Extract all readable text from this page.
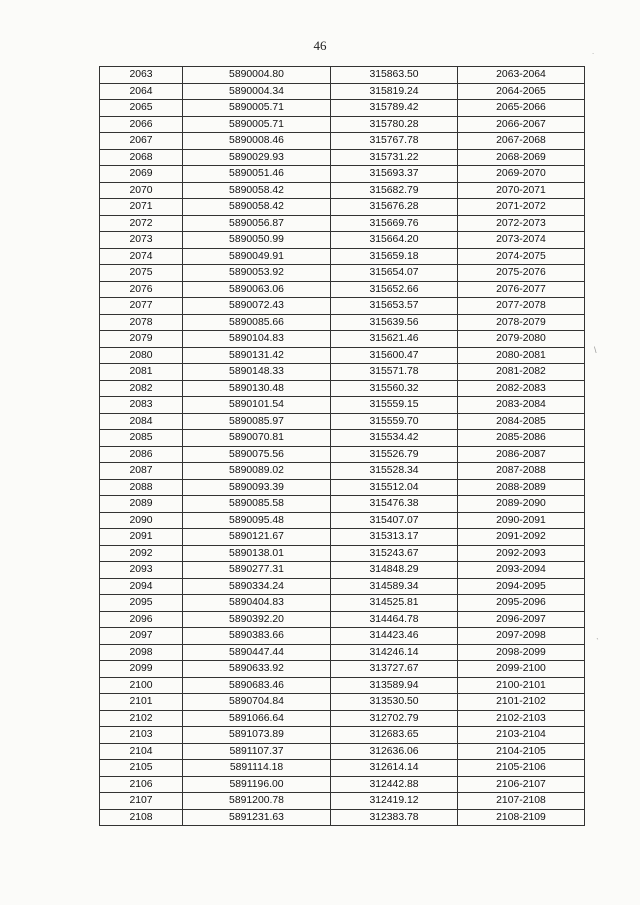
46
˙
\
ˋ
2063	5890004.80	315863.50	2063-2064
2064	5890004.34	315819.24	2064-2065
2065	5890005.71	315789.42	2065-2066
2066	5890005.71	315780.28	2066-2067
2067	5890008.46	315767.78	2067-2068
2068	5890029.93	315731.22	2068-2069
2069	5890051.46	315693.37	2069-2070
2070	5890058.42	315682.79	2070-2071
2071	5890058.42	315676.28	2071-2072
2072	5890056.87	315669.76	2072-2073
2073	5890050.99	315664.20	2073-2074
2074	5890049.91	315659.18	2074-2075
2075	5890053.92	315654.07	2075-2076
2076	5890063.06	315652.66	2076-2077
2077	5890072.43	315653.57	2077-2078
2078	5890085.66	315639.56	2078-2079
2079	5890104.83	315621.46	2079-2080
2080	5890131.42	315600.47	2080-2081
2081	5890148.33	315571.78	2081-2082
2082	5890130.48	315560.32	2082-2083
2083	5890101.54	315559.15	2083-2084
2084	5890085.97	315559.70	2084-2085
2085	5890070.81	315534.42	2085-2086
2086	5890075.56	315526.79	2086-2087
2087	5890089.02	315528.34	2087-2088
2088	5890093.39	315512.04	2088-2089
2089	5890085.58	315476.38	2089-2090
2090	5890095.48	315407.07	2090-2091
2091	5890121.67	315313.17	2091-2092
2092	5890138.01	315243.67	2092-2093
2093	5890277.31	314848.29	2093-2094
2094	5890334.24	314589.34	2094-2095
2095	5890404.83	314525.81	2095-2096
2096	5890392.20	314464.78	2096-2097
2097	5890383.66	314423.46	2097-2098
2098	5890447.44	314246.14	2098-2099
2099	5890633.92	313727.67	2099-2100
2100	5890683.46	313589.94	2100-2101
2101	5890704.84	313530.50	2101-2102
2102	5891066.64	312702.79	2102-2103
2103	5891073.89	312683.65	2103-2104
2104	5891107.37	312636.06	2104-2105
2105	5891114.18	312614.14	2105-2106
2106	5891196.00	312442.88	2106-2107
2107	5891200.78	312419.12	2107-2108
2108	5891231.63	312383.78	2108-2109
